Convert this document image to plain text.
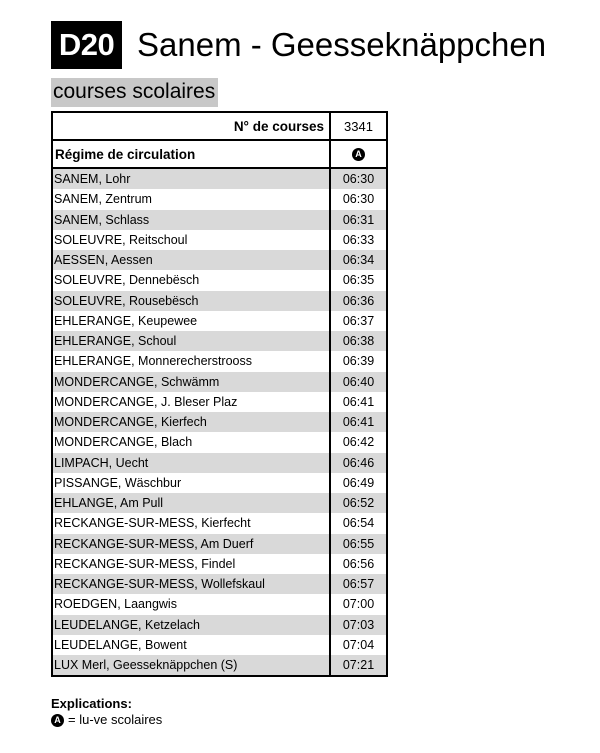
D20 Sanem - Geesseknäppchen
courses scolaires
N° de courses	3341
Régime de circulation	A
SANEM, Lohr	06:30
SANEM, Zentrum	06:30
SANEM, Schlass	06:31
SOLEUVRE, Reitschoul	06:33
AESSEN, Aessen	06:34
SOLEUVRE, Dennebësch	06:35
SOLEUVRE, Rousebësch	06:36
EHLERANGE, Keupewee	06:37
EHLERANGE, Schoul	06:38
EHLERANGE, Monnerecherstrooss	06:39
MONDERCANGE, Schwämm	06:40
MONDERCANGE, J. Bleser Plaz	06:41
MONDERCANGE, Kierfech	06:41
MONDERCANGE, Blach	06:42
LIMPACH, Uecht	06:46
PISSANGE, Wäschbur	06:49
EHLANGE, Am Pull	06:52
RECKANGE-SUR-MESS, Kierfecht	06:54
RECKANGE-SUR-MESS, Am Duerf	06:55
RECKANGE-SUR-MESS, Findel	06:56
RECKANGE-SUR-MESS, Wollefskaul	06:57
ROEDGEN, Laangwis	07:00
LEUDELANGE, Ketzelach	07:03
LEUDELANGE, Bowent	07:04
LUX Merl, Geesseknäppchen (S)	07:21
Explications:
A = lu-ve scolaires
